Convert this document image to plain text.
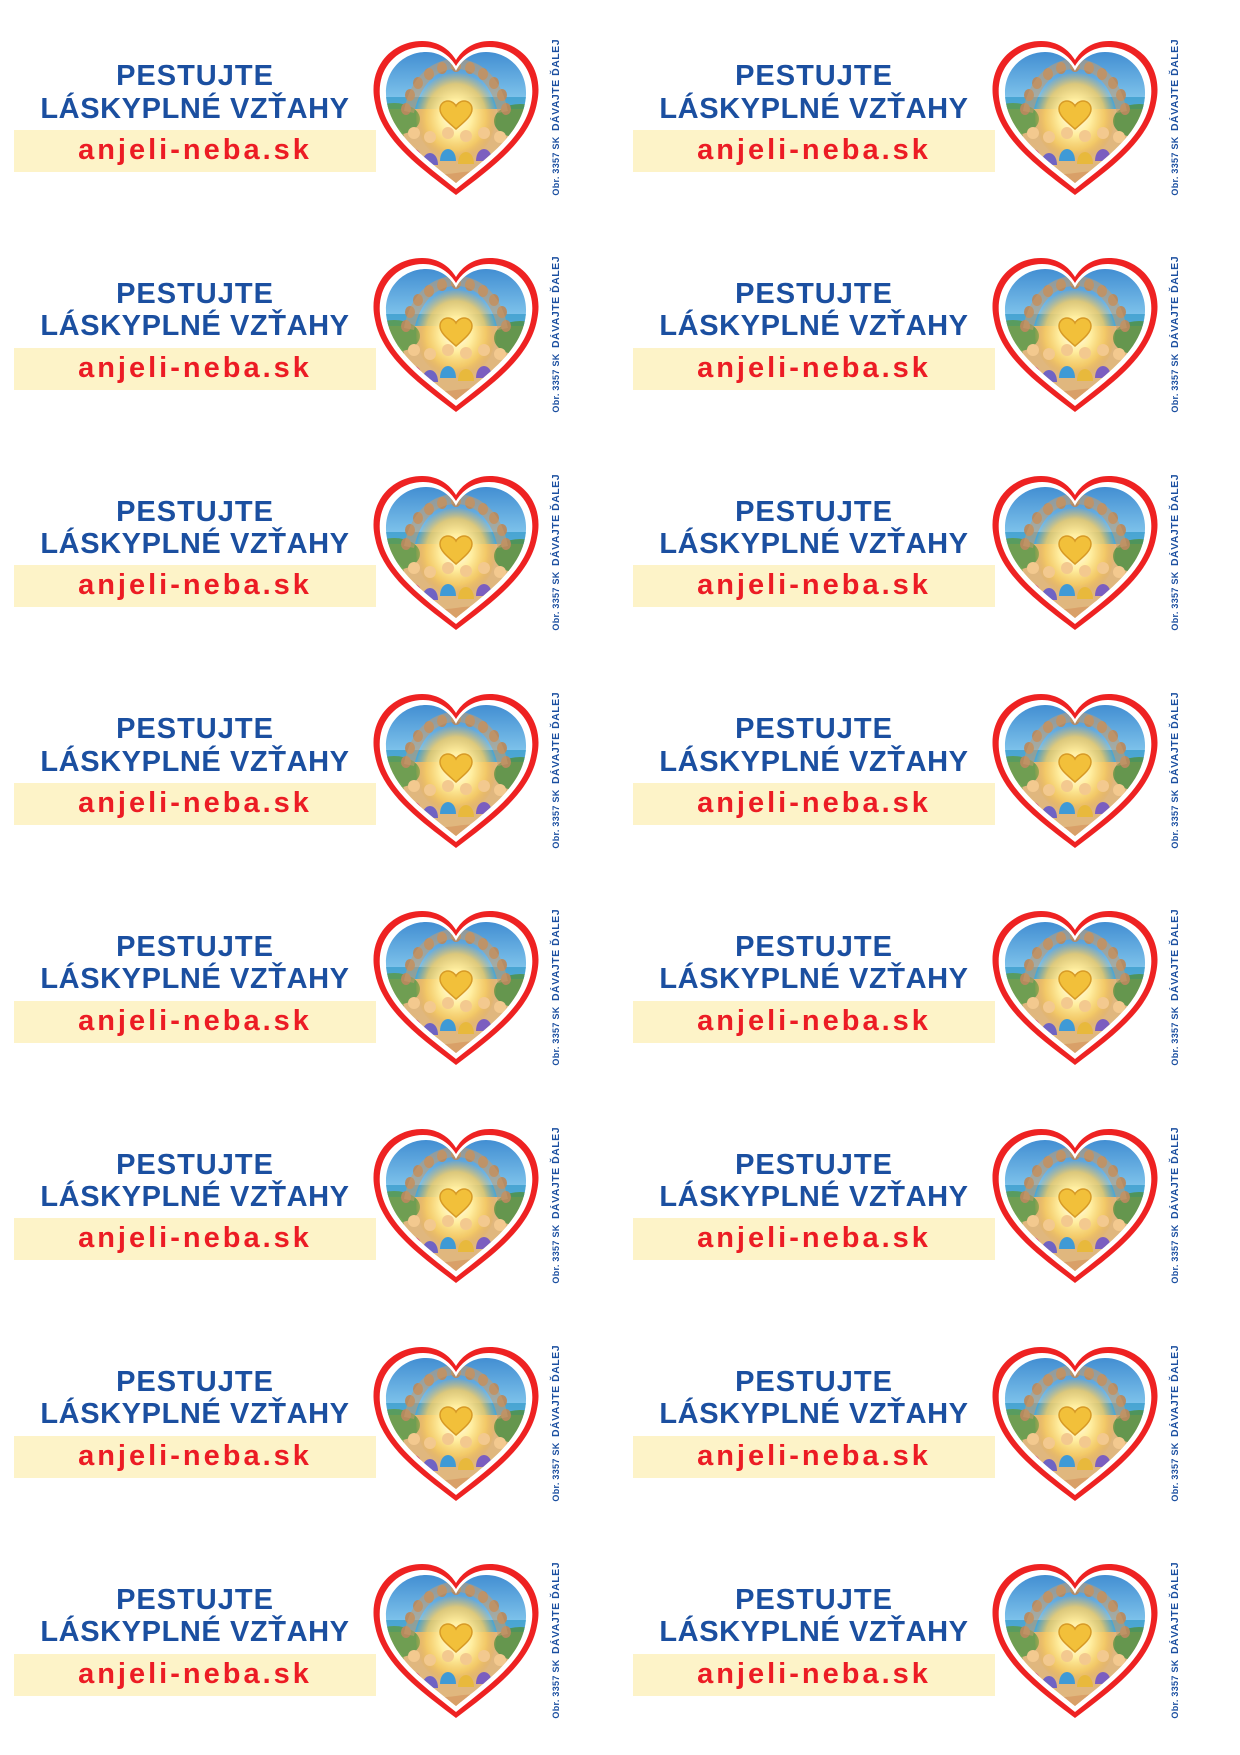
PESTUJTE
LÁSKYPLNÉ VZŤAHY
anjeli-neba.sk
DÁVAJTE ĎALEJ
Obr. 3357 SK
PESTUJTE
LÁSKYPLNÉ VZŤAHY
anjeli-neba.sk
DÁVAJTE ĎALEJ
Obr. 3357 SK
PESTUJTE
LÁSKYPLNÉ VZŤAHY
anjeli-neba.sk
DÁVAJTE ĎALEJ
Obr. 3357 SK
PESTUJTE
LÁSKYPLNÉ VZŤAHY
anjeli-neba.sk
DÁVAJTE ĎALEJ
Obr. 3357 SK
PESTUJTE
LÁSKYPLNÉ VZŤAHY
anjeli-neba.sk
DÁVAJTE ĎALEJ
Obr. 3357 SK
PESTUJTE
LÁSKYPLNÉ VZŤAHY
anjeli-neba.sk
DÁVAJTE ĎALEJ
Obr. 3357 SK
PESTUJTE
LÁSKYPLNÉ VZŤAHY
anjeli-neba.sk
DÁVAJTE ĎALEJ
Obr. 3357 SK
PESTUJTE
LÁSKYPLNÉ VZŤAHY
anjeli-neba.sk
DÁVAJTE ĎALEJ
Obr. 3357 SK
PESTUJTE
LÁSKYPLNÉ VZŤAHY
anjeli-neba.sk
DÁVAJTE ĎALEJ
Obr. 3357 SK
PESTUJTE
LÁSKYPLNÉ VZŤAHY
anjeli-neba.sk
DÁVAJTE ĎALEJ
Obr. 3357 SK
PESTUJTE
LÁSKYPLNÉ VZŤAHY
anjeli-neba.sk
DÁVAJTE ĎALEJ
Obr. 3357 SK
PESTUJTE
LÁSKYPLNÉ VZŤAHY
anjeli-neba.sk
DÁVAJTE ĎALEJ
Obr. 3357 SK
PESTUJTE
LÁSKYPLNÉ VZŤAHY
anjeli-neba.sk
DÁVAJTE ĎALEJ
Obr. 3357 SK
PESTUJTE
LÁSKYPLNÉ VZŤAHY
anjeli-neba.sk
DÁVAJTE ĎALEJ
Obr. 3357 SK
PESTUJTE
LÁSKYPLNÉ VZŤAHY
anjeli-neba.sk
DÁVAJTE ĎALEJ
Obr. 3357 SK
PESTUJTE
LÁSKYPLNÉ VZŤAHY
anjeli-neba.sk
DÁVAJTE ĎALEJ
Obr. 3357 SK
